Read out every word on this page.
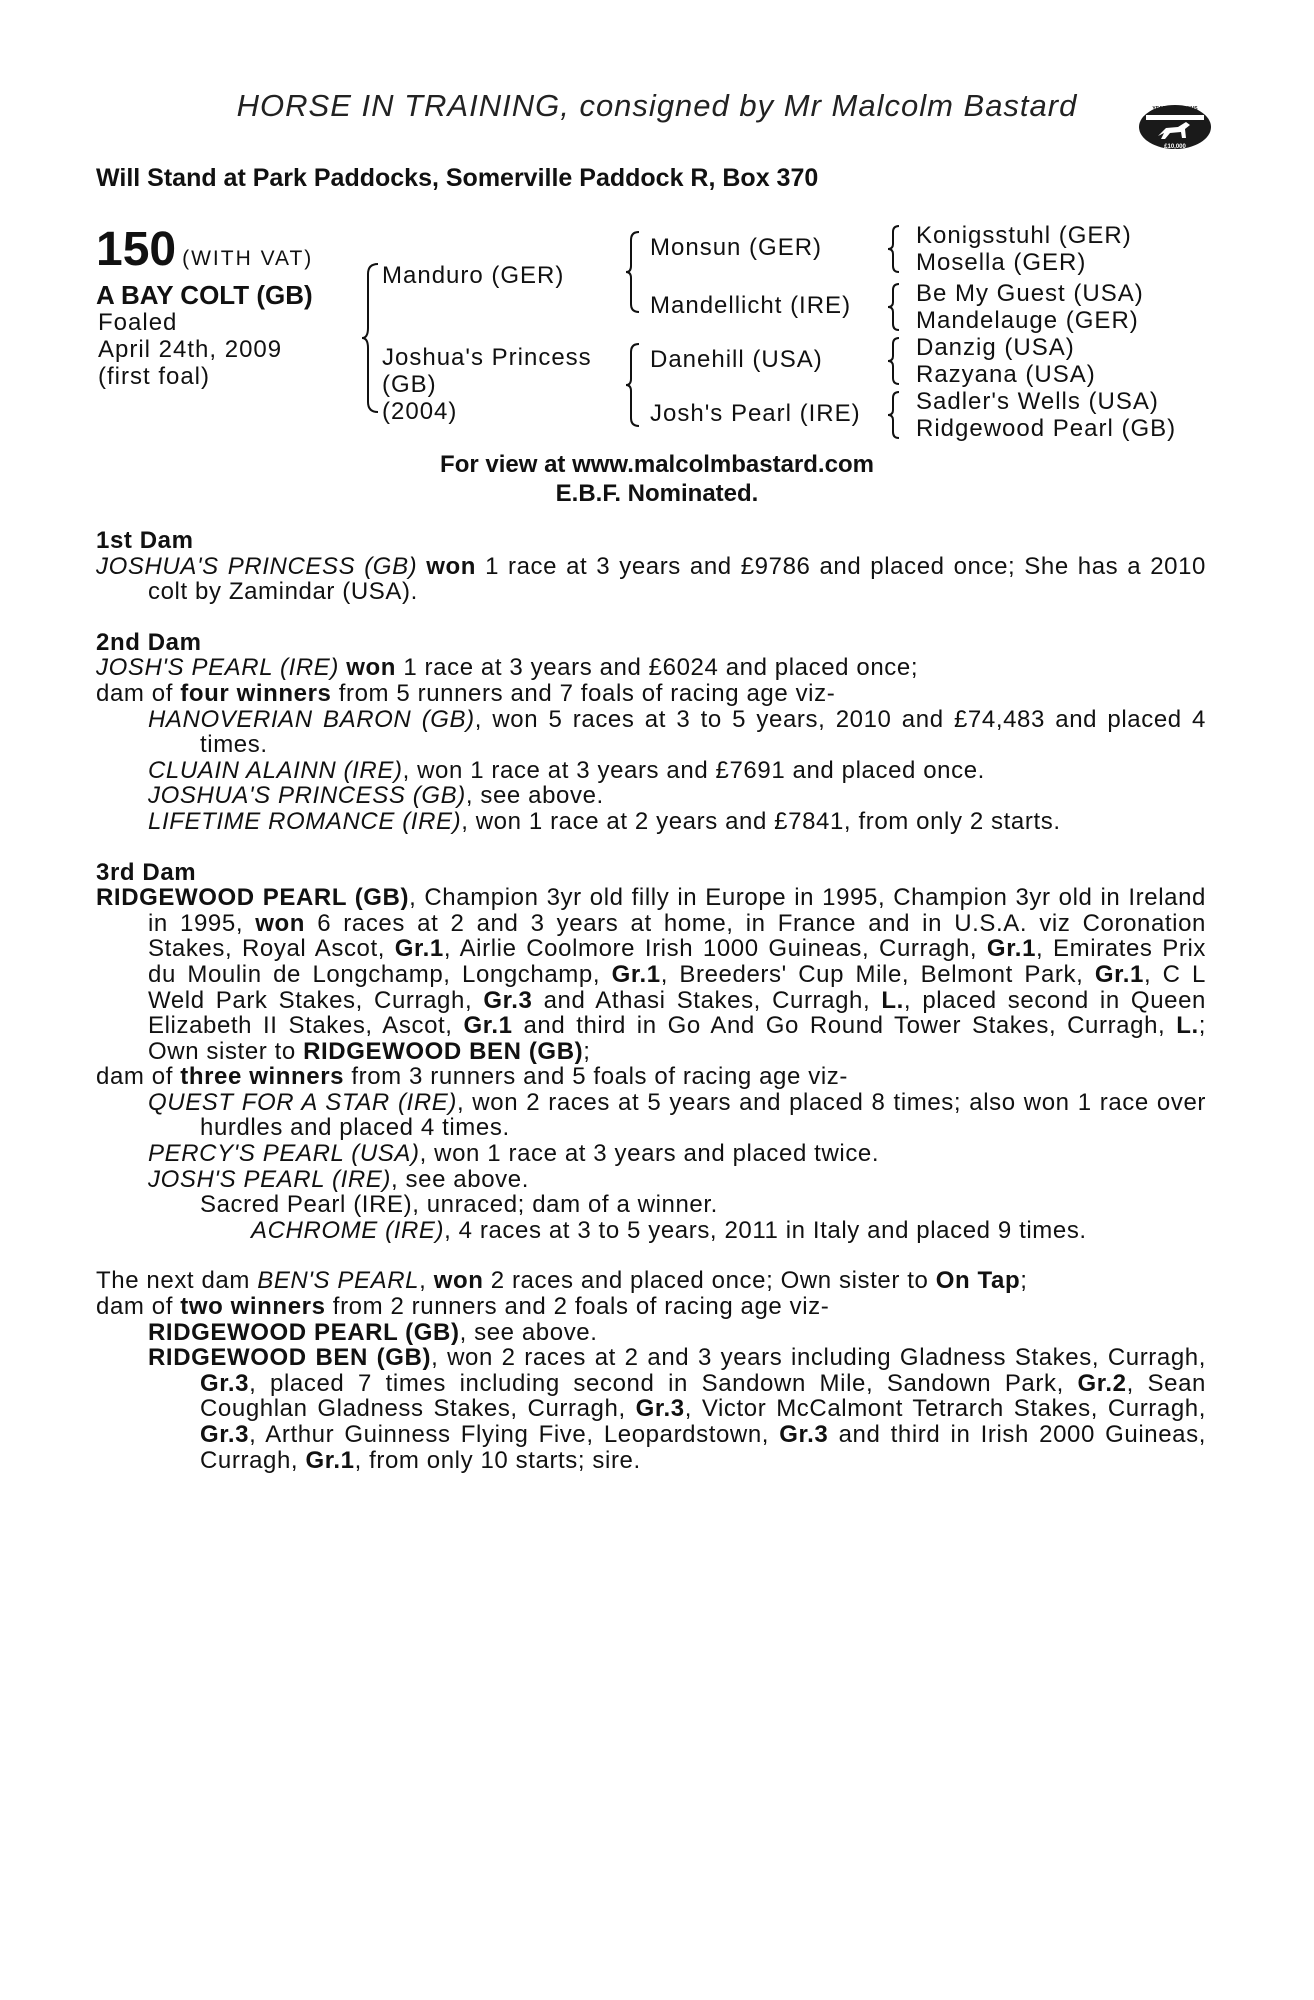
HORSE IN TRAINING, consigned by Mr Malcolm Bastard	YEARLING BONUS
£10,000
Will Stand at Park Paddocks, Somerville Paddock R, Box 370
150 (WITH VAT)
A BAY COLT (GB)
Foaled
April 24th, 2009
(first foal)
Manduro (GER)
Joshua's Princess
(GB)
(2004)
Monsun (GER)
Mandellicht (IRE)
Danehill (USA)
Josh's Pearl (IRE)
Konigsstuhl (GER)
Mosella (GER)
Be My Guest (USA)
Mandelauge (GER)
Danzig (USA)
Razyana (USA)
Sadler's Wells (USA)
Ridgewood Pearl (GB)
For view at www.malcolmbastard.com
E.B.F. Nominated.

1st Dam

JOSHUA'S PRINCESS (GB) won 1 race at 3 years and £9786 and placed once; She has a 2010 colt by Zamindar (USA).

2nd Dam

JOSH'S PEARL (IRE) won 1 race at 3 years and £6024 and placed once;

dam of four winners from 5 runners and 7 foals of racing age viz-

HANOVERIAN BARON (GB), won 5 races at 3 to 5 years, 2010 and £74,483 and placed 4 times.

CLUAIN ALAINN (IRE), won 1 race at 3 years and £7691 and placed once.

JOSHUA'S PRINCESS (GB), see above.

LIFETIME ROMANCE (IRE), won 1 race at 2 years and £7841, from only 2 starts.

3rd Dam

RIDGEWOOD PEARL (GB), Champion 3yr old filly in Europe in 1995, Champion 3yr old in Ireland in 1995, won 6 races at 2 and 3 years at home, in France and in U.S.A. viz Coronation Stakes, Royal Ascot, Gr.1, Airlie Coolmore Irish 1000 Guineas, Curragh, Gr.1, Emirates Prix du Moulin de Longchamp, Longchamp, Gr.1, Breeders' Cup Mile, Belmont Park, Gr.1, C L Weld Park Stakes, Curragh, Gr.3 and Athasi Stakes, Curragh, L., placed second in Queen Elizabeth II Stakes, Ascot, Gr.1 and third in Go And Go Round Tower Stakes, Curragh, L.; Own sister to RIDGEWOOD BEN (GB);

dam of three winners from 3 runners and 5 foals of racing age viz-

QUEST FOR A STAR (IRE), won 2 races at 5 years and placed 8 times; also won 1 race over hurdles and placed 4 times.

PERCY'S PEARL (USA), won 1 race at 3 years and placed twice.

JOSH'S PEARL (IRE), see above.

Sacred Pearl (IRE), unraced; dam of a winner.

ACHROME (IRE), 4 races at 3 to 5 years, 2011 in Italy and placed 9 times.

The next dam BEN'S PEARL, won 2 races and placed once; Own sister to On Tap;

dam of two winners from 2 runners and 2 foals of racing age viz-

RIDGEWOOD PEARL (GB), see above.

RIDGEWOOD BEN (GB), won 2 races at 2 and 3 years including Gladness Stakes, Curragh, Gr.3, placed 7 times including second in Sandown Mile, Sandown Park, Gr.2, Sean Coughlan Gladness Stakes, Curragh, Gr.3, Victor McCalmont Tetrarch Stakes, Curragh, Gr.3, Arthur Guinness Flying Five, Leopardstown, Gr.3 and third in Irish 2000 Guineas, Curragh, Gr.1, from only 10 starts; sire.
